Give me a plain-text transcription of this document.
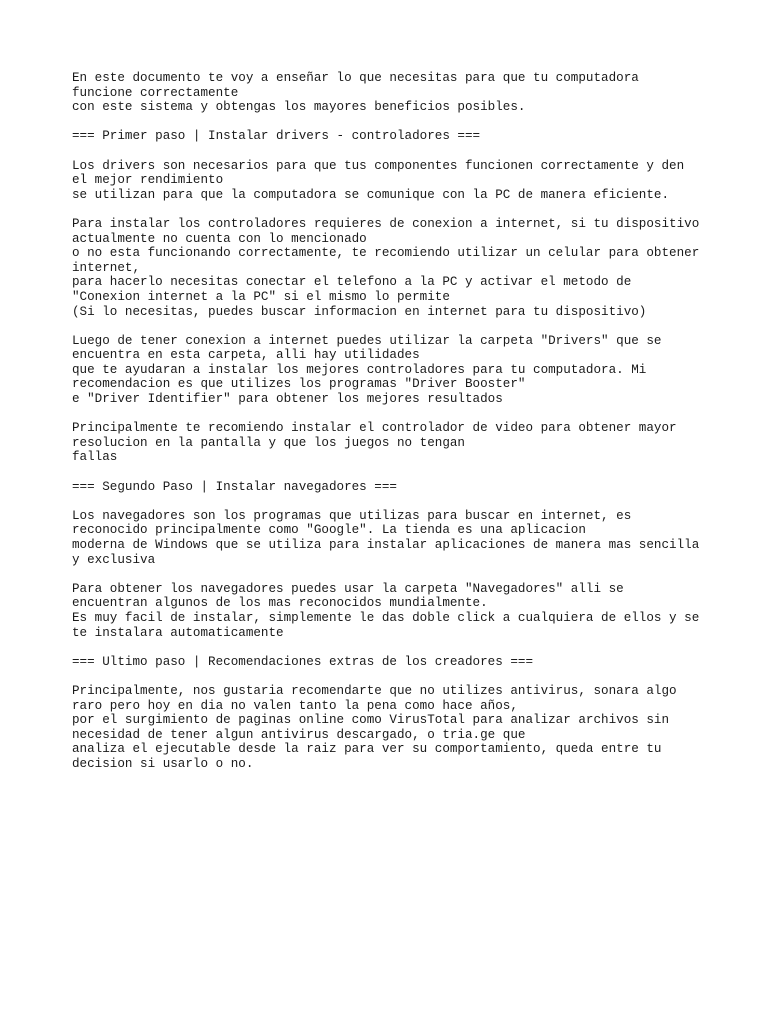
En este documento te voy a enseñar lo que necesitas para que tu computadora
funcione correctamente
con este sistema y obtengas los mayores beneficios posibles.
=== Primer paso | Instalar drivers - controladores ===
Los drivers son necesarios para que tus componentes funcionen correctamente y den
el mejor rendimiento
se utilizan para que la computadora se comunique con la PC de manera eficiente.
Para instalar los controladores requieres de conexion a internet, si tu dispositivo
actualmente no cuenta con lo mencionado
o no esta funcionando correctamente, te recomiendo utilizar un celular para obtener
internet,
para hacerlo necesitas conectar el telefono a la PC y activar el metodo de
"Conexion internet a la PC" si el mismo lo permite
(Si lo necesitas, puedes buscar informacion en internet para tu dispositivo)
Luego de tener conexion a internet puedes utilizar la carpeta "Drivers" que se
encuentra en esta carpeta, alli hay utilidades
que te ayudaran a instalar los mejores controladores para tu computadora. Mi
recomendacion es que utilizes los programas "Driver Booster"
e "Driver Identifier" para obtener los mejores resultados
Principalmente te recomiendo instalar el controlador de video para obtener mayor
resolucion en la pantalla y que los juegos no tengan
fallas
=== Segundo Paso | Instalar navegadores ===
Los navegadores son los programas que utilizas para buscar en internet, es
reconocido principalmente como "Google". La tienda es una aplicacion
moderna de Windows que se utiliza para instalar aplicaciones de manera mas sencilla
y exclusiva
Para obtener los navegadores puedes usar la carpeta "Navegadores" alli se
encuentran algunos de los mas reconocidos mundialmente.
Es muy facil de instalar, simplemente le das doble click a cualquiera de ellos y se
te instalara automaticamente
=== Ultimo paso | Recomendaciones extras de los creadores ===
Principalmente, nos gustaria recomendarte que no utilizes antivirus, sonara algo
raro pero hoy en dia no valen tanto la pena como hace años,
por el surgimiento de paginas online como VirusTotal para analizar archivos sin
necesidad de tener algun antivirus descargado, o tria.ge que
analiza el ejecutable desde la raiz para ver su comportamiento, queda entre tu
decision si usarlo o no.
